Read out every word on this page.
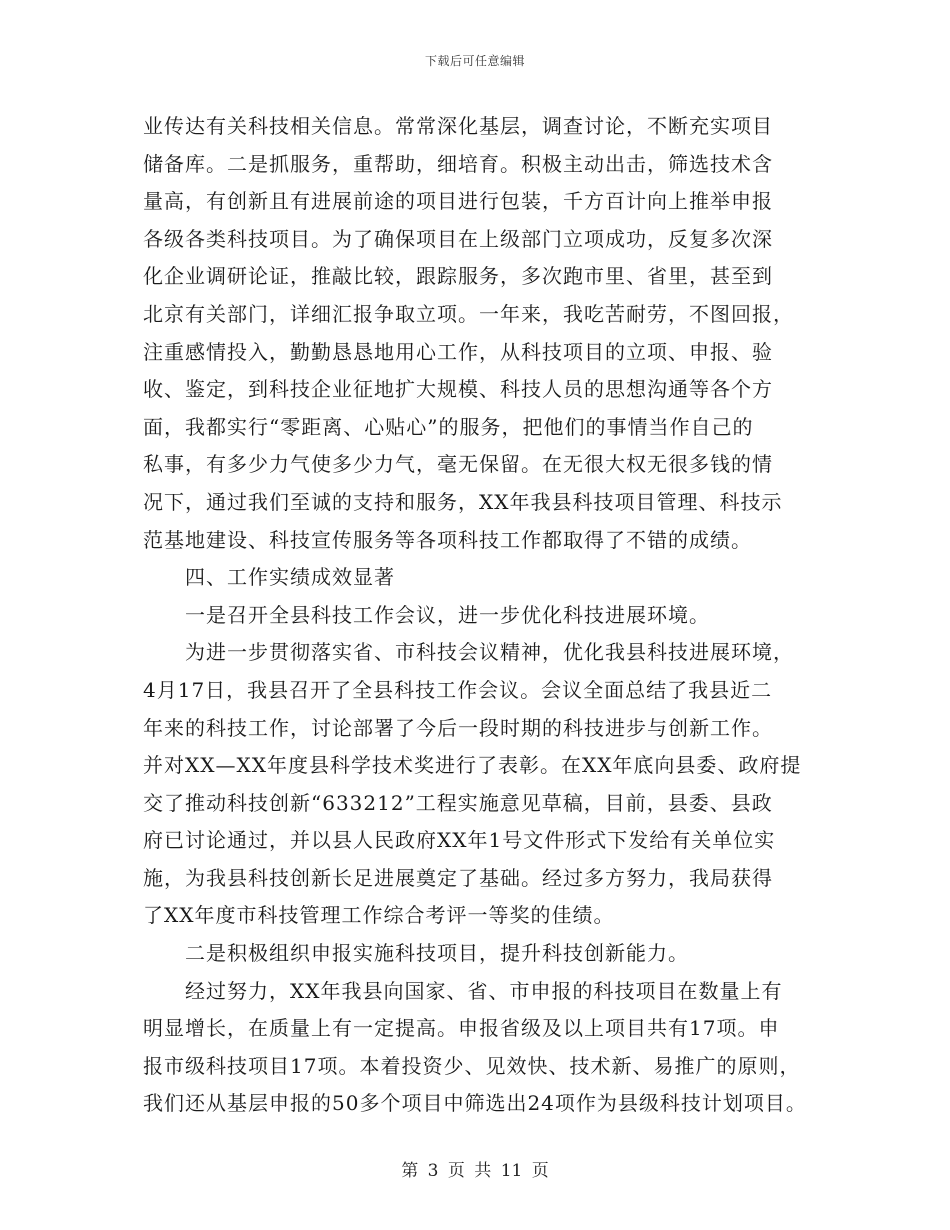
下载后可任意编辑
业传达有关科技相关信息。常常深化基层，调查讨论，不断充实项目
储备库。二是抓服务，重帮助，细培育。积极主动出击，筛选技术含
量高，有创新且有进展前途的项目进行包装，千方百计向上推举申报
各级各类科技项目。为了确保项目在上级部门立项成功，反复多次深
化企业调研论证，推敲比较，跟踪服务，多次跑市里、省里，甚至到
北京有关部门，详细汇报争取立项。一年来，我吃苦耐劳，不图回报，
注重感情投入，勤勤恳恳地用心工作，从科技项目的立项、申报、验
收、鉴定，到科技企业征地扩大规模、科技人员的思想沟通等各个方
面，我都实行“零距离、心贴心”的服务，把他们的事情当作自己的
私事，有多少力气使多少力气，毫无保留。在无很大权无很多钱的情
况下，通过我们至诚的支持和服务，XX年我县科技项目管理、科技示
范基地建设、科技宣传服务等各项科技工作都取得了不错的成绩。
四、工作实绩成效显著
一是召开全县科技工作会议，进一步优化科技进展环境。
为进一步贯彻落实省、市科技会议精神，优化我县科技进展环境，
4月17日，我县召开了全县科技工作会议。会议全面总结了我县近二
年来的科技工作，讨论部署了今后一段时期的科技进步与创新工作。
并对XX—XX年度县科学技术奖进行了表彰。在XX年底向县委、政府提
交了推动科技创新“633212”工程实施意见草稿，目前，县委、县政
府已讨论通过，并以县人民政府XX年1号文件形式下发给有关单位实
施，为我县科技创新长足进展奠定了基础。经过多方努力，我局获得
了XX年度市科技管理工作综合考评一等奖的佳绩。
二是积极组织申报实施科技项目，提升科技创新能力。
经过努力，XX年我县向国家、省、市申报的科技项目在数量上有
明显增长，在质量上有一定提高。申报省级及以上项目共有17项。申
报市级科技项目17项。本着投资少、见效快、技术新、易推广的原则，
我们还从基层申报的50多个项目中筛选出24项作为县级科技计划项目。
第 3 页 共 11 页
